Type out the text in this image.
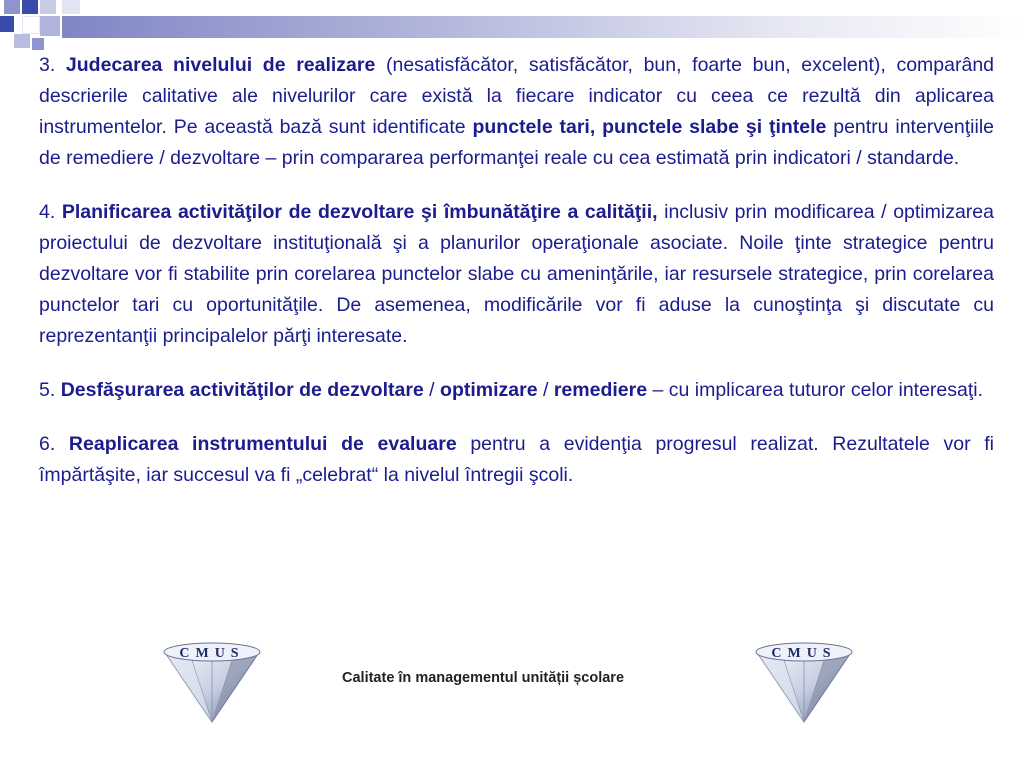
3. Judecarea nivelului de realizare (nesatisfăcător, satisfăcător, bun, foarte bun, excelent), comparând descrierile calitative ale nivelurilor care există la fiecare indicator cu ceea ce rezultă din aplicarea instrumentelor. Pe această bază sunt identificate punctele tari, punctele slabe şi ţintele pentru intervenţiile de remediere / dezvoltare – prin compararea performanţei reale cu cea estimată prin indicatori / standarde.

4. Planificarea activităţilor de dezvoltare şi îmbunătăţire a calităţii, inclusiv prin modificarea / optimizarea proiectului de dezvoltare instituţională şi a planurilor operaţionale asociate. Noile ţinte strategice pentru dezvoltare vor fi stabilite prin corelarea punctelor slabe cu ameninţările, iar resursele strategice, prin corelarea punctelor tari cu oportunităţile. De asemenea, modificările vor fi aduse la cunoştinţa şi discutate cu reprezentanţii principalelor părţi interesate.

5. Desfăşurarea activităţilor de dezvoltare / optimizare / remediere – cu implicarea tuturor celor interesaţi.

6. Reaplicarea instrumentului de evaluare pentru a evidenţia progresul realizat. Rezultatele vor fi împărtăşite, iar succesul va fi „celebrat“ la nivelul întregii şcoli.

CMUS
Calitate în managementul unității școlare
CMUS
